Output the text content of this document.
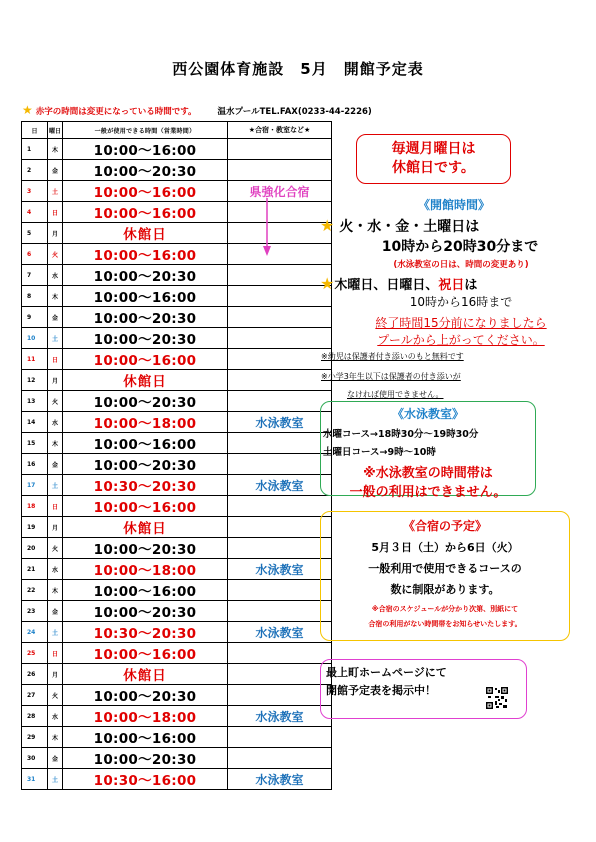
西公園体育施設　5月　開館予定表
★ 赤字の時間は変更になっている時間です。 温水プールTEL.FAX(0233-44-2226)
日	曜日	一般が使用できる時間（営業時間）	★合宿・教室など★
1	木	10:00～16:00	
2	金	10:00～20:30	
3	土	10:00～16:00	県強化合宿
4	日	10:00～16:00	
5	月	休館日	
6	火	10:00～16:00	
7	水	10:00～20:30	
8	木	10:00～16:00	
9	金	10:00～20:30	
10	土	10:00～20:30	
11	日	10:00～16:00	
12	月	休館日	
13	火	10:00～20:30	
14	水	10:00～18:00	水泳教室
15	木	10:00～16:00	
16	金	10:00～20:30	
17	土	10:30～20:30	水泳教室
18	日	10:00～16:00	
19	月	休館日	
20	火	10:00～20:30	
21	水	10:00～18:00	水泳教室
22	木	10:00～16:00	
23	金	10:00～20:30	
24	土	10:30～20:30	水泳教室
25	日	10:00～16:00	
26	月	休館日	
27	火	10:00～20:30	
28	水	10:00～18:00	水泳教室
29	木	10:00～16:00	
30	金	10:00～20:30	
31	土	10:30～16:00	水泳教室
毎週月曜日は
休館日です。
《開館時間》
★ 火・水・金・土曜日は
10時から20時30分まで
(水泳教室の日は、時間の変更あり)
★木曜日、日曜日、祝日は
10時から16時まで
終了時間15分前になりましたら
プールから上がってください。
※幼児は保護者付き添いのもと無料です
※小学3年生以下は保護者の付き添いが
なければ使用できません。
《水泳教室》
水曜コース→18時30分～19時30分
土曜日コース→9時～10時
※水泳教室の時間帯は
一般の利用はできません。
《合宿の予定》
5月３日（土）から6日（火）
一般利用で使用できるコースの
数に制限があります。
※合宿のスケジュールが分かり次第、別紙にて
合宿の利用がない時間帯をお知らせいたします。
最上町ホームページにて
開館予定表を掲示中！
